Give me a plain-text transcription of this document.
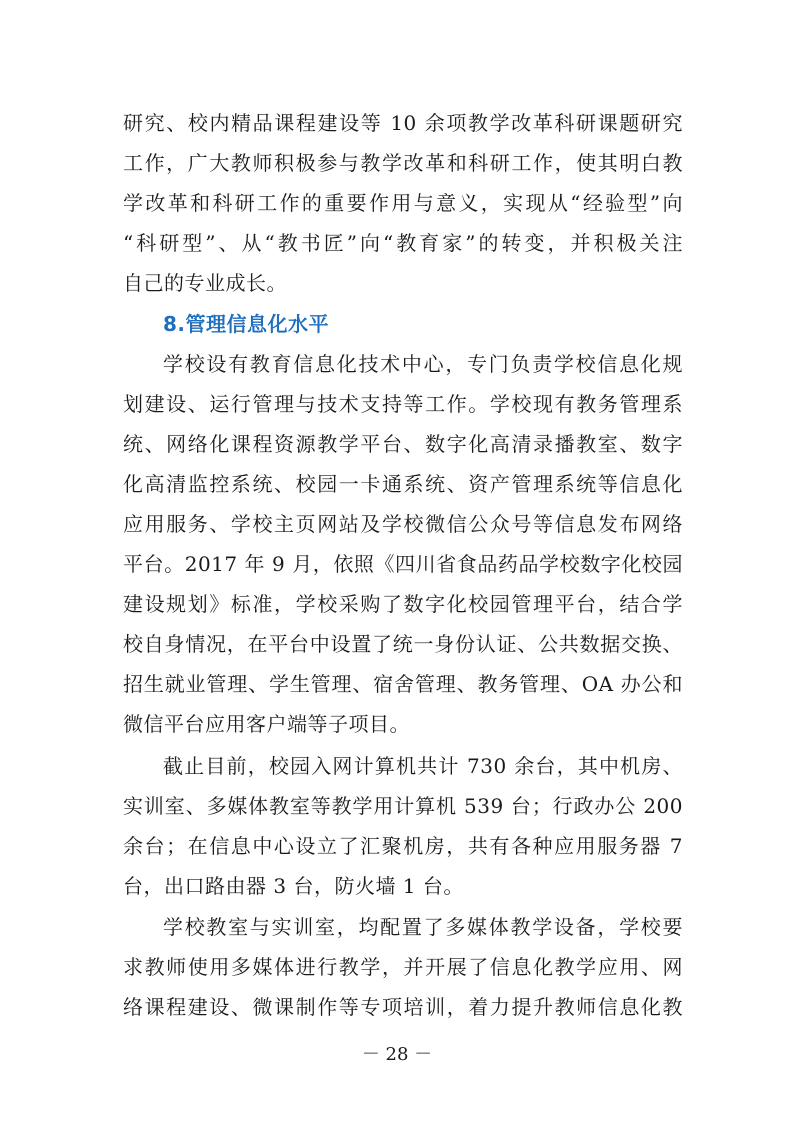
研究、校内精品课程建设等 10 余项教学改革科研课题研究
工作，广大教师积极参与教学改革和科研工作，使其明白教
学改革和科研工作的重要作用与意义，实现从“经验型”向
“科研型”、从“教书匠”向“教育家”的转变，并积极关注
自己的专业成长。
8.管理信息化水平
学校设有教育信息化技术中心，专门负责学校信息化规
划建设、运行管理与技术支持等工作。学校现有教务管理系
统、网络化课程资源教学平台、数字化高清录播教室、数字
化高清监控系统、校园一卡通系统、资产管理系统等信息化
应用服务、学校主页网站及学校微信公众号等信息发布网络
平台。2017 年 9 月，依照《四川省食品药品学校数字化校园
建设规划》标准，学校采购了数字化校园管理平台，结合学
校自身情况，在平台中设置了统一身份认证、公共数据交换、
招生就业管理、学生管理、宿舍管理、教务管理、OA 办公和
微信平台应用客户端等子项目。
截止目前，校园入网计算机共计 730 余台，其中机房、
实训室、多媒体教室等教学用计算机 539 台；行政办公 200
余台；在信息中心设立了汇聚机房，共有各种应用服务器 7
台，出口路由器 3 台，防火墙 1 台。
学校教室与实训室，均配置了多媒体教学设备，学校要
求教师使用多媒体进行教学，并开展了信息化教学应用、网
络课程建设、微课制作等专项培训，着力提升教师信息化教
－ 28 －
